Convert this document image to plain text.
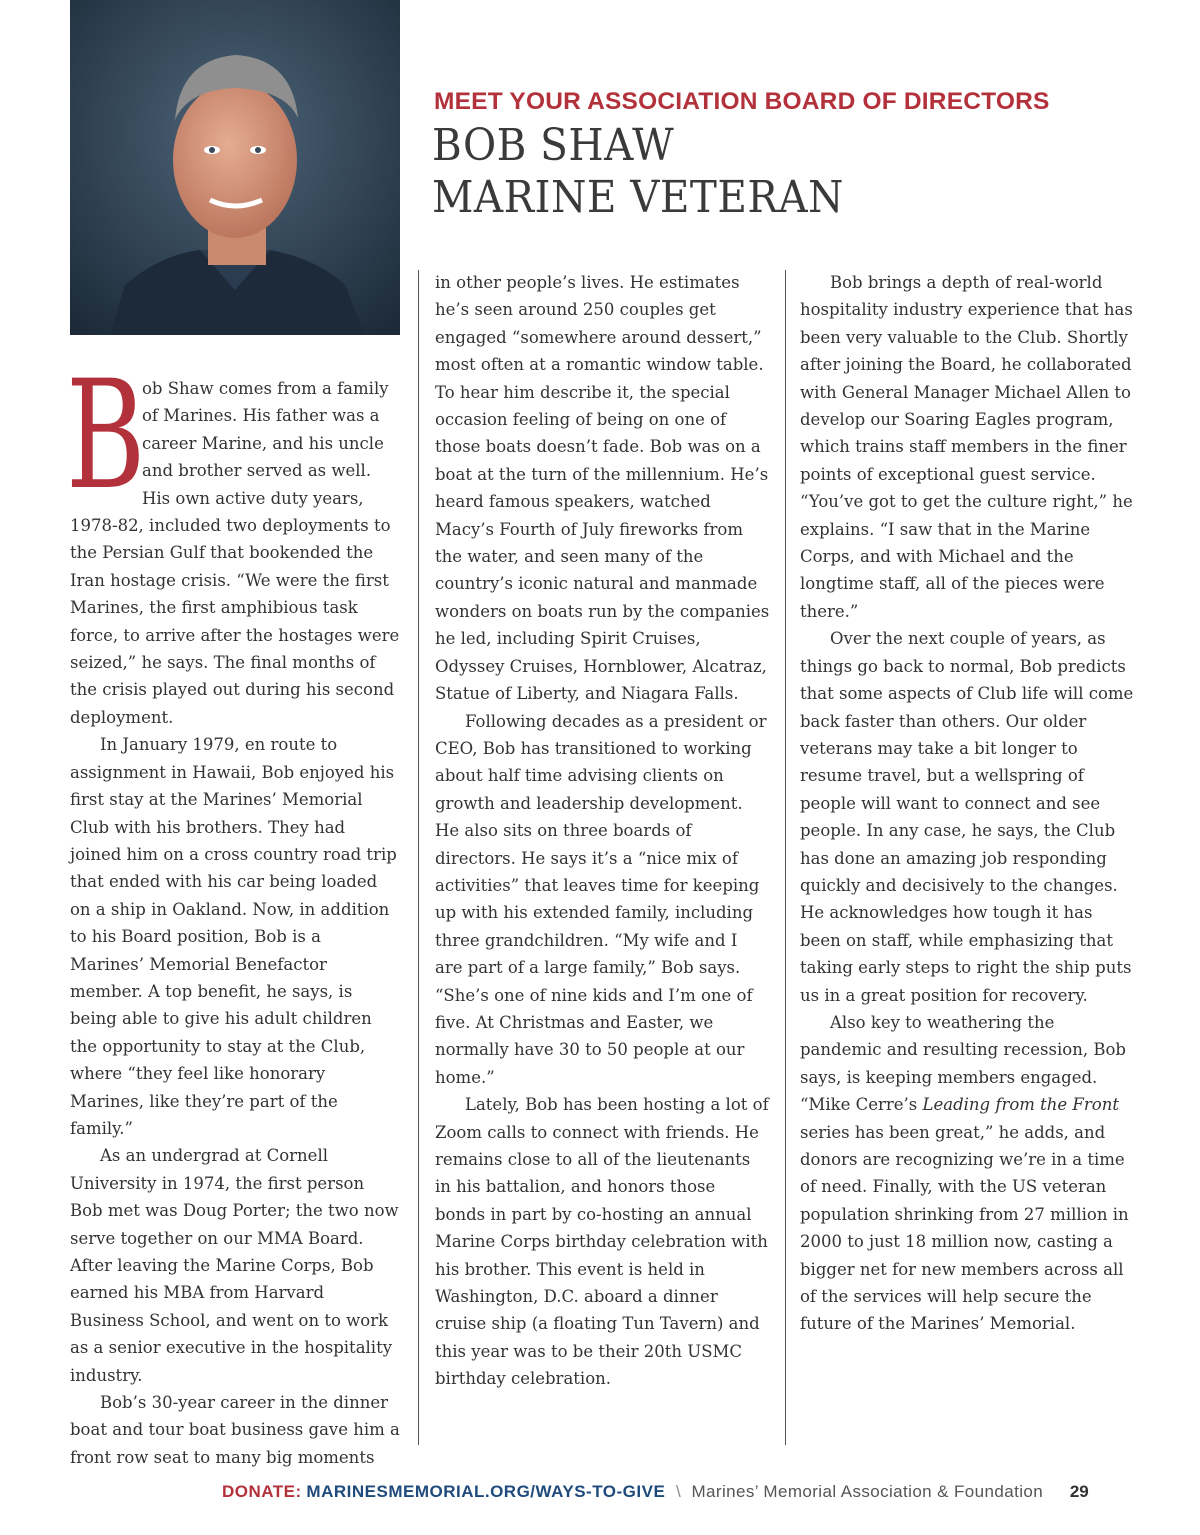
MEET YOUR ASSOCIATION BOARD OF DIRECTORS
BOB SHAW
MARINE VETERAN
B

ob Shaw comes from a family of Marines. His father was a career Marine, and his uncle and brother served as well. His own active duty years, 1978-82, included two deployments to the Persian Gulf that bookended the Iran hostage crisis. “We were the first Marines, the first amphibious task force, to arrive after the hostages were seized,” he says. The final months of the crisis played out during his second deployment.

In January 1979, en route to assignment in Hawaii, Bob enjoyed his first stay at the Marines’ Memorial Club with his brothers. They had joined him on a cross country road trip that ended with his car being loaded on a ship in Oakland. Now, in addition to his Board position, Bob is a Marines’ Memorial Benefactor member. A top benefit, he says, is being able to give his adult children the opportunity to stay at the Club, where “they feel like honorary Marines, like they’re part of the family.”

As an undergrad at Cornell University in 1974, the first person Bob met was Doug Porter; the two now serve together on our MMA Board. After leaving the Marine Corps, Bob earned his MBA from Harvard Business School, and went on to work as a senior executive in the hospitality industry.

Bob’s 30-year career in the dinner boat and tour boat business gave him a front row seat to many big moments

in other people’s lives. He estimates he’s seen around 250 couples get engaged “somewhere around dessert,” most often at a romantic window table. To hear him describe it, the special occasion feeling of being on one of those boats doesn’t fade. Bob was on a boat at the turn of the millennium. He’s heard famous speakers, watched Macy’s Fourth of July fireworks from the water, and seen many of the country’s iconic natural and manmade wonders on boats run by the companies he led, including Spirit Cruises, Odyssey Cruises, Hornblower, Alcatraz, Statue of Liberty, and Niagara Falls.

Following decades as a president or CEO, Bob has transitioned to working about half time advising clients on growth and leadership development. He also sits on three boards of directors. He says it’s a “nice mix of activities” that leaves time for keeping up with his extended family, including three grandchildren. “My wife and I are part of a large family,” Bob says. “She’s one of nine kids and I’m one of five. At Christmas and Easter, we normally have 30 to 50 people at our home.”

Lately, Bob has been hosting a lot of Zoom calls to connect with friends. He remains close to all of the lieutenants in his battalion, and honors those bonds in part by co-hosting an annual Marine Corps birthday celebration with his brother. This event is held in Washington, D.C. aboard a dinner cruise ship (a floating Tun Tavern) and this year was to be their 20th USMC birthday celebration.

Bob brings a depth of real-world hospitality industry experience that has been very valuable to the Club. Shortly after joining the Board, he collaborated with General Manager Michael Allen to develop our Soaring Eagles program, which trains staff members in the finer points of exceptional guest service. “You’ve got to get the culture right,” he explains. “I saw that in the Marine Corps, and with Michael and the longtime staff, all of the pieces were there.”

Over the next couple of years, as things go back to normal, Bob predicts that some aspects of Club life will come back faster than others. Our older veterans may take a bit longer to resume travel, but a wellspring of people will want to connect and see people. In any case, he says, the Club has done an amazing job responding quickly and decisively to the changes. He acknowledges how tough it has been on staff, while emphasizing that taking early steps to right the ship puts us in a great position for recovery.

Also key to weathering the pandemic and resulting recession, Bob says, is keeping members engaged. “Mike Cerre’s Leading from the Front series has been great,” he adds, and donors are recognizing we’re in a time of need. Finally, with the US veteran population shrinking from 27 million in 2000 to just 18 million now, casting a bigger net for new members across all of the services will help secure the future of the Marines’ Memorial.

DONATE: MARINESMEMORIAL.ORG/WAYS-TO-GIVE \ Marines’ Memorial Association & Foundation 29
